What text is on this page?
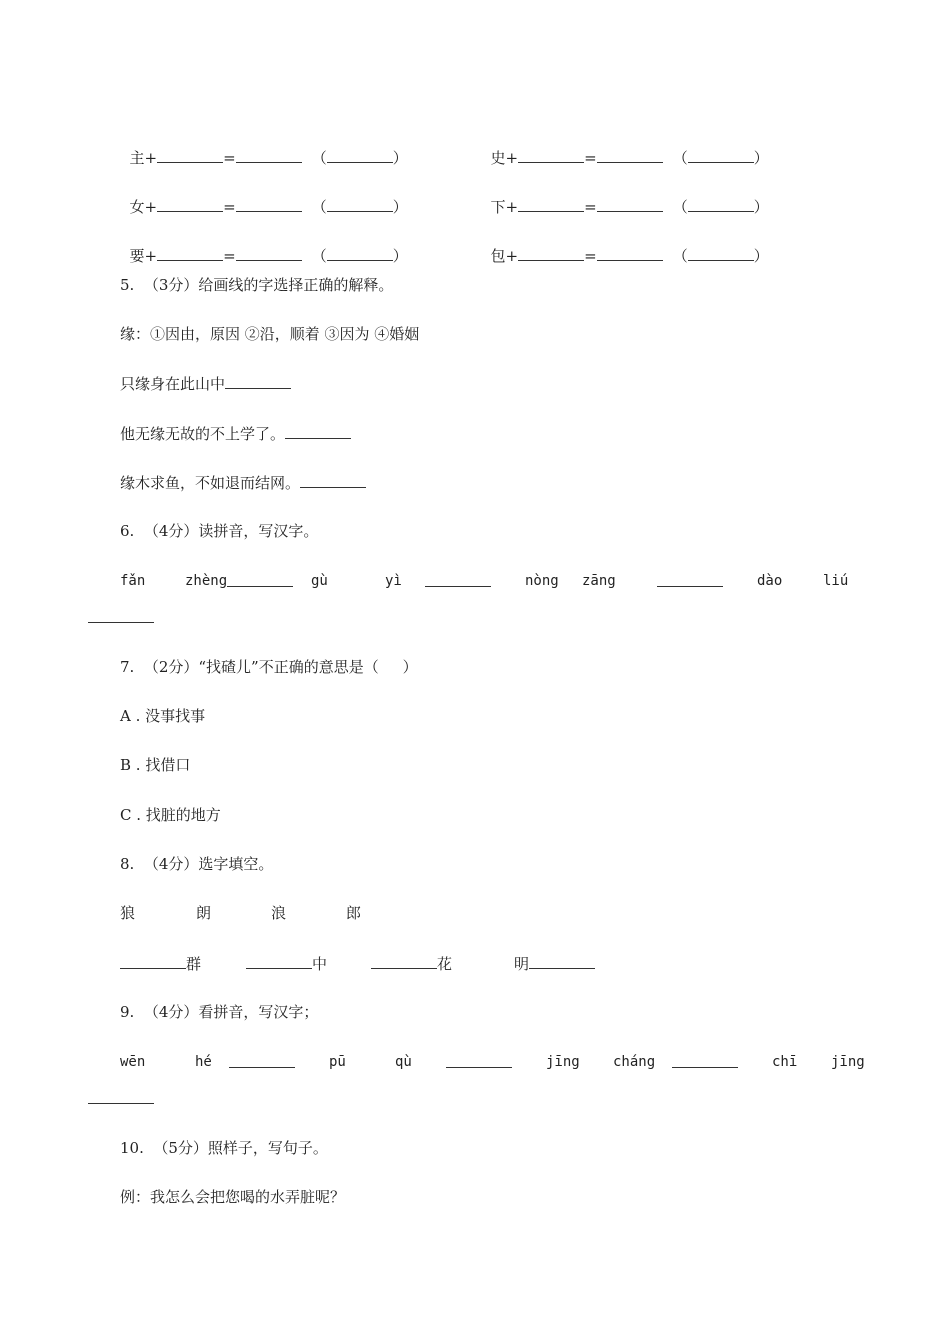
主+	=	（	）	史+	=	（	）

女+	=	（	）	下+	=	（	）

要+	=	（	）	包+	=	（	）

5.  （3分）给画线的字选择正确的解释。
缘：①因由，原因 ②沿，顺着 ③因为 ④婚姻
只缘身在此山中
他无缘无故的不上学了。
缘木求鱼，不如退而结网。
6.  （4分）读拼音，写汉字。
fǎn	zhèng	gù	yì	nòng zāng	dào	liú
7.  （2分）“找碴儿”不正确的意思是（     ）
A . 没事找事
B . 找借口
C . 找脏的地方
8.  （4分）选字填空。
狼	朗	浪	郎
群	中	花	明
9.  （4分）看拼音，写汉字；
wēn	hé	pū	qù	jīng cháng	chī jīng
10.  （5分）照样子，写句子。
例：我怎么会把您喝的水弄脏呢？
